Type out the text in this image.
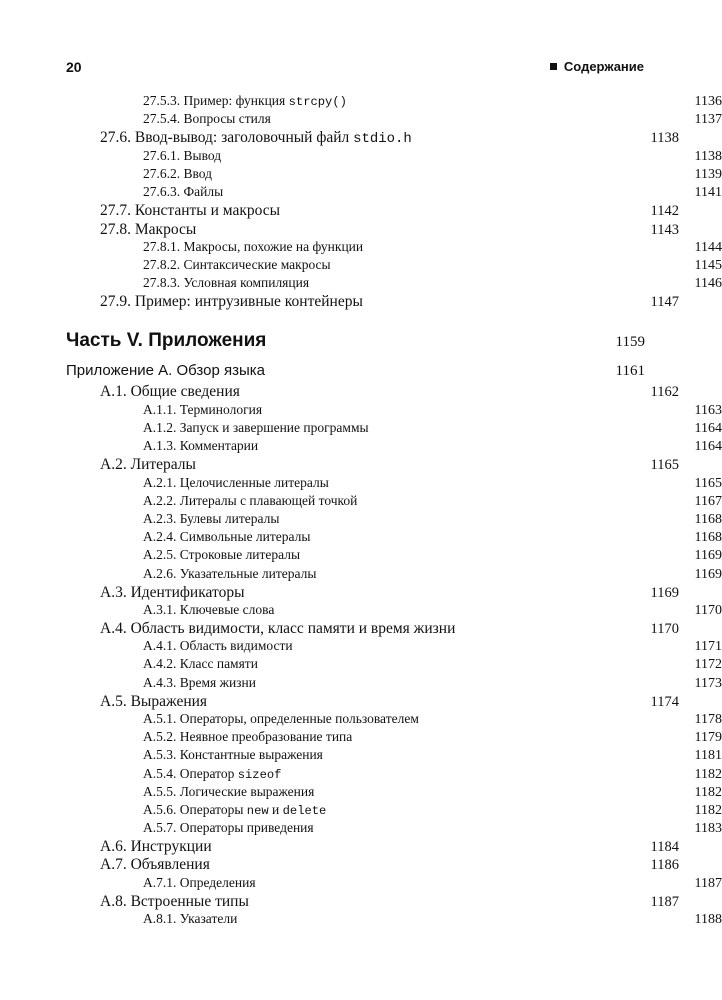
20	Содержание
27.5.3. Пример: функция strcpy()	1136
27.5.4. Вопросы стиля	1137
27.6. Ввод-вывод: заголовочный файл stdio.h	1138
27.6.1. Вывод	1138
27.6.2. Ввод	1139
27.6.3. Файлы	1141
27.7. Константы и макросы	1142
27.8. Макросы	1143
27.8.1. Макросы, похожие на функции	1144
27.8.2. Синтаксические макросы	1145
27.8.3. Условная компиляция	1146
27.9. Пример: интрузивные контейнеры	1147
Часть V. Приложения	1159
Приложение А. Обзор языка	1161
А.1. Общие сведения	1162
А.1.1. Терминология	1163
А.1.2. Запуск и завершение программы	1164
А.1.3. Комментарии	1164
А.2. Литералы	1165
А.2.1. Целочисленные литералы	1165
А.2.2. Литералы с плавающей точкой	1167
А.2.3. Булевы литералы	1168
А.2.4. Символьные литералы	1168
А.2.5. Строковые литералы	1169
А.2.6. Указательные литералы	1169
А.3. Идентификаторы	1169
А.3.1. Ключевые слова	1170
А.4. Область видимости, класс памяти и время жизни	1170
А.4.1. Область видимости	1171
А.4.2. Класс памяти	1172
А.4.3. Время жизни	1173
А.5. Выражения	1174
А.5.1. Операторы, определенные пользователем	1178
А.5.2. Неявное преобразование типа	1179
А.5.3. Константные выражения	1181
А.5.4. Оператор sizeof	1182
А.5.5. Логические выражения	1182
А.5.6. Операторы new и delete	1182
А.5.7. Операторы приведения	1183
А.6. Инструкции	1184
А.7. Объявления	1186
А.7.1. Определения	1187
А.8. Встроенные типы	1187
А.8.1. Указатели	1188
